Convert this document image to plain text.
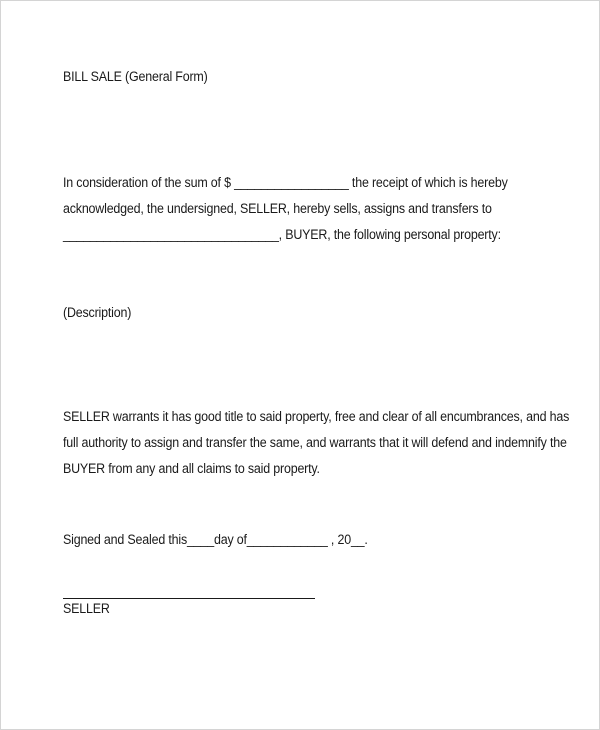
BILL SALE (General Form)
In consideration of the sum of $ _________________ the receipt of which is hereby
acknowledged, the undersigned, SELLER, hereby sells, assigns and transfers to
________________________________, BUYER, the following personal property:
(Description)
SELLER warrants it has good title to said property, free and clear of all encumbrances, and has
full authority to assign and transfer the same, and warrants that it will defend and indemnify the
BUYER from any and all claims to said property.
Signed and Sealed this____day of____________ , 20__.
SELLER
